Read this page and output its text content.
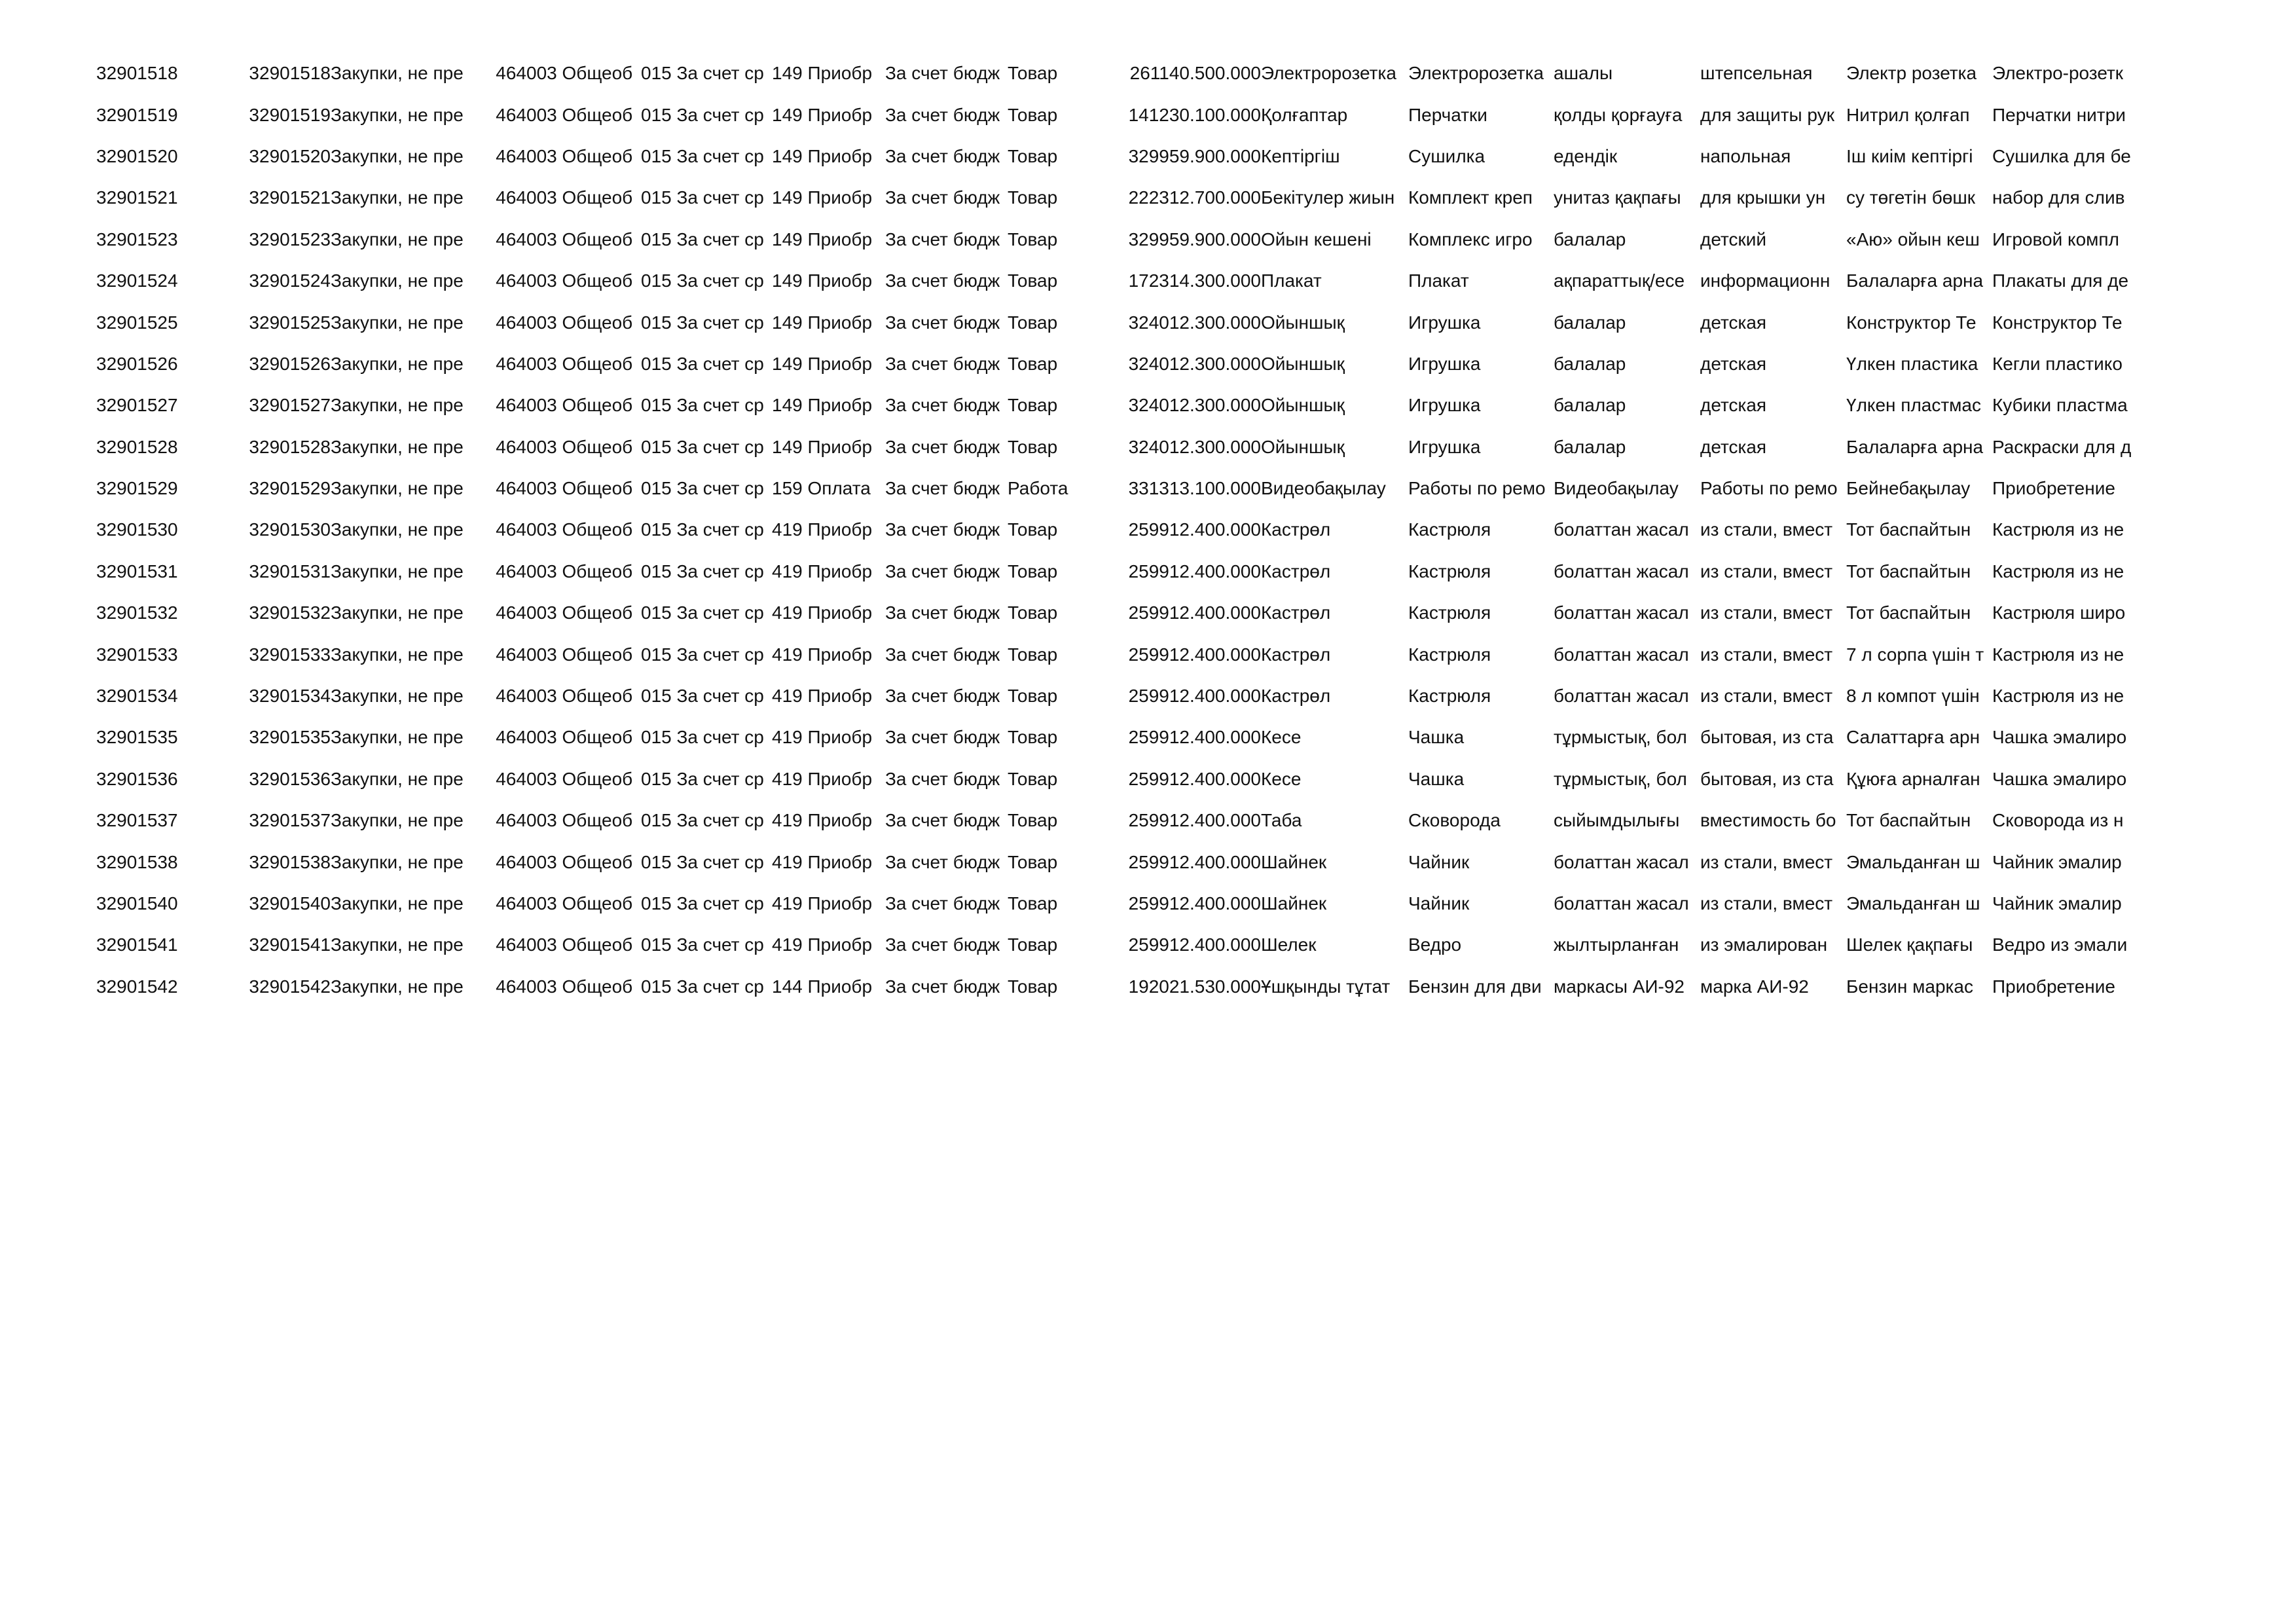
32901518	32901518	Закупки, не пре	464	003 Общеоб	015 За счет ср	149 Приобр	За счет бюдж	Товар	261140.500.000	Электророзетка	Электророзетка	ашалы	штепсельная	Электр розетка	Электро-розетк
32901519	32901519	Закупки, не пре	464	003 Общеоб	015 За счет ср	149 Приобр	За счет бюдж	Товар	141230.100.000	Қолғаптар	Перчатки	қолды қорғауға	для защиты рук	Нитрил қолғап	Перчатки нитри
32901520	32901520	Закупки, не пре	464	003 Общеоб	015 За счет ср	149 Приобр	За счет бюдж	Товар	329959.900.000	Кептіргіш	Сушилка	едендік	напольная	Іш киім кептіргі	Сушилка для бе
32901521	32901521	Закупки, не пре	464	003 Общеоб	015 За счет ср	149 Приобр	За счет бюдж	Товар	222312.700.000	Бекітулер жиын	Комплект креп	унитаз қақпағы	для крышки ун	су төгетін бөшк	набор для слив
32901523	32901523	Закупки, не пре	464	003 Общеоб	015 За счет ср	149 Приобр	За счет бюдж	Товар	329959.900.000	Ойын кешені	Комплекс игро	балалар	детский	«Аю» ойын кеш	Игровой компл
32901524	32901524	Закупки, не пре	464	003 Общеоб	015 За счет ср	149 Приобр	За счет бюдж	Товар	172314.300.000	Плакат	Плакат	ақпараттық/есе	информационн	Балаларға арна	Плакаты для де
32901525	32901525	Закупки, не пре	464	003 Общеоб	015 За счет ср	149 Приобр	За счет бюдж	Товар	324012.300.000	Ойыншық	Игрушка	балалар	детская	Конструктор Те	Конструктор Те
32901526	32901526	Закупки, не пре	464	003 Общеоб	015 За счет ср	149 Приобр	За счет бюдж	Товар	324012.300.000	Ойыншық	Игрушка	балалар	детская	Үлкен пластика	Кегли пластико
32901527	32901527	Закупки, не пре	464	003 Общеоб	015 За счет ср	149 Приобр	За счет бюдж	Товар	324012.300.000	Ойыншық	Игрушка	балалар	детская	Үлкен пластмас	Кубики пластма
32901528	32901528	Закупки, не пре	464	003 Общеоб	015 За счет ср	149 Приобр	За счет бюдж	Товар	324012.300.000	Ойыншық	Игрушка	балалар	детская	Балаларға арна	Раскраски для д
32901529	32901529	Закупки, не пре	464	003 Общеоб	015 За счет ср	159 Оплата	За счет бюдж	Работа	331313.100.000	Видеобақылау	Работы по ремо	Видеобақылау	Работы по ремо	Бейнебақылау	Приобретение
32901530	32901530	Закупки, не пре	464	003 Общеоб	015 За счет ср	419 Приобр	За счет бюдж	Товар	259912.400.000	Кастрөл	Кастрюля	болаттан жасал	из стали, вмест	Тот баспайтын	Кастрюля из не
32901531	32901531	Закупки, не пре	464	003 Общеоб	015 За счет ср	419 Приобр	За счет бюдж	Товар	259912.400.000	Кастрөл	Кастрюля	болаттан жасал	из стали, вмест	Тот баспайтын	Кастрюля из не
32901532	32901532	Закупки, не пре	464	003 Общеоб	015 За счет ср	419 Приобр	За счет бюдж	Товар	259912.400.000	Кастрөл	Кастрюля	болаттан жасал	из стали, вмест	Тот баспайтын	Кастрюля широ
32901533	32901533	Закупки, не пре	464	003 Общеоб	015 За счет ср	419 Приобр	За счет бюдж	Товар	259912.400.000	Кастрөл	Кастрюля	болаттан жасал	из стали, вмест	7 л сорпа үшін т	Кастрюля из не
32901534	32901534	Закупки, не пре	464	003 Общеоб	015 За счет ср	419 Приобр	За счет бюдж	Товар	259912.400.000	Кастрөл	Кастрюля	болаттан жасал	из стали, вмест	8 л компот үшін	Кастрюля из не
32901535	32901535	Закупки, не пре	464	003 Общеоб	015 За счет ср	419 Приобр	За счет бюдж	Товар	259912.400.000	Кесе	Чашка	тұрмыстық, бол	бытовая, из ста	Салаттарға арн	Чашка эмалиро
32901536	32901536	Закупки, не пре	464	003 Общеоб	015 За счет ср	419 Приобр	За счет бюдж	Товар	259912.400.000	Кесе	Чашка	тұрмыстық, бол	бытовая, из ста	Құюға арналған	Чашка эмалиро
32901537	32901537	Закупки, не пре	464	003 Общеоб	015 За счет ср	419 Приобр	За счет бюдж	Товар	259912.400.000	Таба	Сковорода	сыйымдылығы	вместимость бо	Тот баспайтын	Сковорода из н
32901538	32901538	Закупки, не пре	464	003 Общеоб	015 За счет ср	419 Приобр	За счет бюдж	Товар	259912.400.000	Шайнек	Чайник	болаттан жасал	из стали, вмест	Эмальданған ш	Чайник эмалир
32901540	32901540	Закупки, не пре	464	003 Общеоб	015 За счет ср	419 Приобр	За счет бюдж	Товар	259912.400.000	Шайнек	Чайник	болаттан жасал	из стали, вмест	Эмальданған ш	Чайник эмалир
32901541	32901541	Закупки, не пре	464	003 Общеоб	015 За счет ср	419 Приобр	За счет бюдж	Товар	259912.400.000	Шелек	Ведро	жылтырланған	из эмалирован	Шелек қақпағы	Ведро из эмали
32901542	32901542	Закупки, не пре	464	003 Общеоб	015 За счет ср	144 Приобр	За счет бюдж	Товар	192021.530.000	Ұшқынды тұтат	Бензин для дви	маркасы АИ-92	марка АИ-92	Бензин маркас	Приобретение
